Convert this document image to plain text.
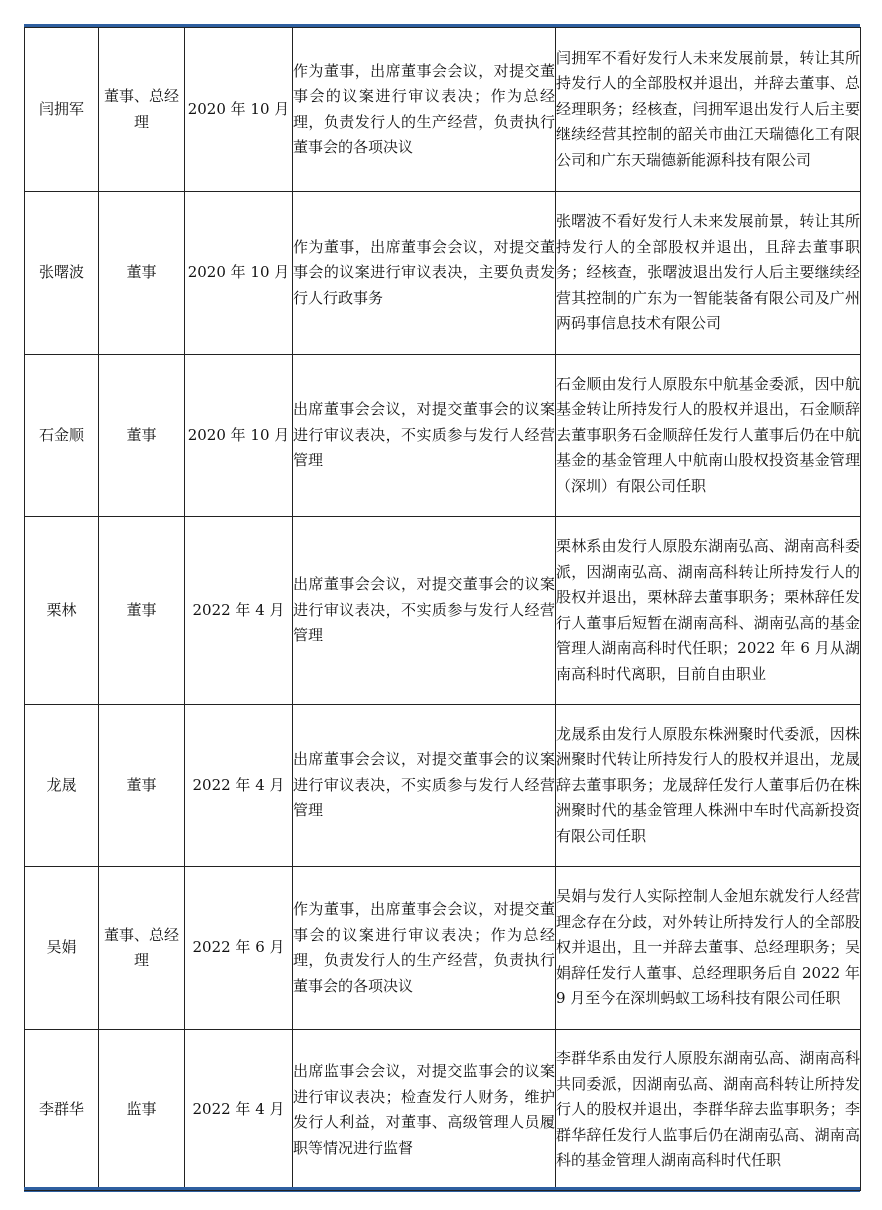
闫拥军	董事、总经理	2020 年 10 月	作为董事，出席董事会会议，对提交董事会的议案进行审议表决；作为总经理，负责发行人的生产经营，负责执行董事会的各项决议	闫拥军不看好发行人未来发展前景，转让其所持发行人的全部股权并退出，并辞去董事、总经理职务；经核查，闫拥军退出发行人后主要继续经营其控制的韶关市曲江天瑞德化工有限公司和广东天瑞德新能源科技有限公司
张曙波	董事	2020 年 10 月	作为董事，出席董事会会议，对提交董事会的议案进行审议表决，主要负责发行人行政事务	张曙波不看好发行人未来发展前景，转让其所持发行人的全部股权并退出，且辞去董事职务；经核查，张曙波退出发行人后主要继续经营其控制的广东为一智能装备有限公司及广州两码事信息技术有限公司
石金顺	董事	2020 年 10 月	出席董事会会议，对提交董事会的议案进行审议表决，不实质参与发行人经营管理	石金顺由发行人原股东中航基金委派，因中航基金转让所持发行人的股权并退出，石金顺辞去董事职务石金顺辞任发行人董事后仍在中航基金的基金管理人中航南山股权投资基金管理（深圳）有限公司任职
栗林	董事	2022 年 4 月	出席董事会会议，对提交董事会的议案进行审议表决，不实质参与发行人经营管理	栗林系由发行人原股东湖南弘高、湖南高科委派，因湖南弘高、湖南高科转让所持发行人的股权并退出，栗林辞去董事职务；栗林辞任发行人董事后短暂在湖南高科、湖南弘高的基金管理人湖南高科时代任职；2022 年 6 月从湖南高科时代离职，目前自由职业
龙晟	董事	2022 年 4 月	出席董事会会议，对提交董事会的议案进行审议表决，不实质参与发行人经营管理	龙晟系由发行人原股东株洲聚时代委派，因株洲聚时代转让所持发行人的股权并退出，龙晟辞去董事职务；龙晟辞任发行人董事后仍在株洲聚时代的基金管理人株洲中车时代高新投资有限公司任职
吴娟	董事、总经理	2022 年 6 月	作为董事，出席董事会会议，对提交董事会的议案进行审议表决；作为总经理，负责发行人的生产经营，负责执行董事会的各项决议	吴娟与发行人实际控制人金旭东就发行人经营理念存在分歧，对外转让所持发行人的全部股权并退出，且一并辞去董事、总经理职务；吴娟辞任发行人董事、总经理职务后自 2022 年 9 月至今在深圳蚂蚁工场科技有限公司任职
李群华	监事	2022 年 4 月	出席监事会会议，对提交监事会的议案进行审议表决；检查发行人财务，维护发行人利益，对董事、高级管理人员履职等情况进行监督	李群华系由发行人原股东湖南弘高、湖南高科共同委派，因湖南弘高、湖南高科转让所持发行人的股权并退出，李群华辞去监事职务；李群华辞任发行人监事后仍在湖南弘高、湖南高科的基金管理人湖南高科时代任职
